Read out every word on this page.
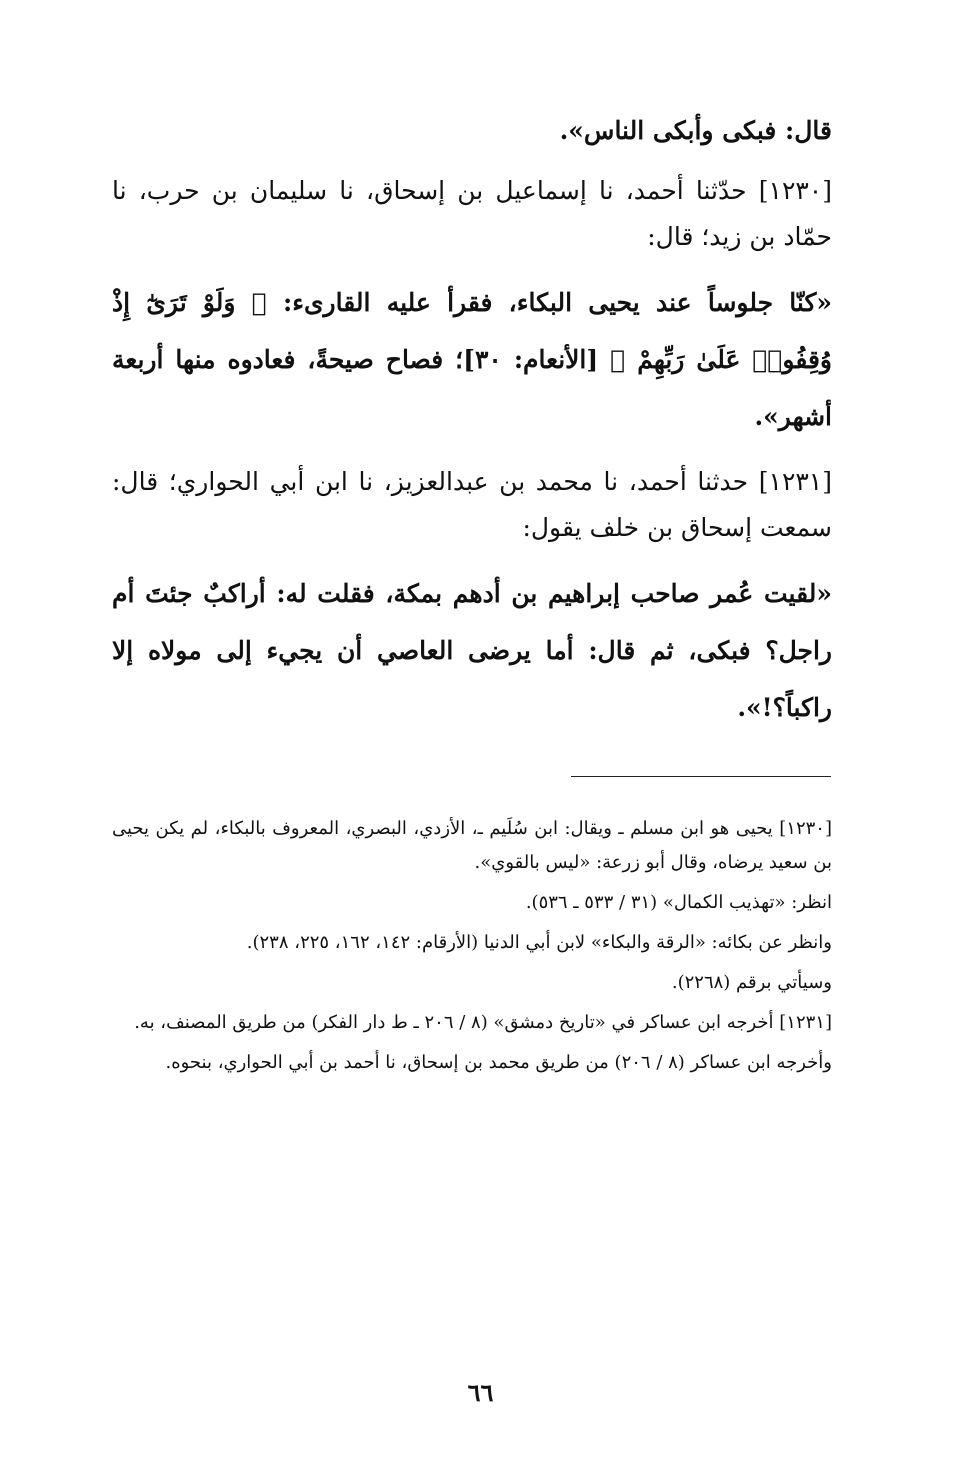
قال: فبكى وأبكى الناس».

[١٢٣٠] حدّثنا أحمد، نا إسماعيل بن إسحاق، نا سليمان بن حرب، نا حمّاد بن زيد؛ قال:

«كنّا جلوساً عند يحيى البكاء، فقرأ عليه القارىء: ﴿ وَلَوْ تَرَىٰٓ إِذْ وُقِفُوا۟ عَلَىٰ رَبِّهِمْ ﴾ [الأنعام: ٣٠]؛ فصاح صيحةً، فعادوه منها أربعة أشهر».

[١٢٣١] حدثنا أحمد، نا محمد بن عبدالعزيز، نا ابن أبي الحواري؛ قال: سمعت إسحاق بن خلف يقول:

«لقيت عُمر صاحب إبراهيم بن أدهم بمكة، فقلت له: أراكبٌ جئتَ أم راجل؟ فبكى، ثم قال: أما يرضى العاصي أن يجيء إلى مولاه إلا راكباً؟!».

[١٢٣٠] يحيى هو ابن مسلم ـ ويقال: ابن سُلَيم ـ، الأزدي، البصري، المعروف بالبكاء، لم يكن يحيى بن سعيد يرضاه، وقال أبو زرعة: «ليس بالقوي».

انظر: «تهذيب الكمال» (٣١ / ٥٣٣ ـ ٥٣٦).

وانظر عن بكائه: «الرقة والبكاء» لابن أبي الدنيا (الأرقام: ١٤٢، ١٦٢، ٢٢٥، ٢٣٨).

وسيأتي برقم (٢٢٦٨).

[١٢٣١] أخرجه ابن عساكر في «تاريخ دمشق» (٨ / ٢٠٦ ـ ط دار الفكر) من طريق المصنف، به.

وأخرجه ابن عساكر (٨ / ٢٠٦) من طريق محمد بن إسحاق، نا أحمد بن أبي الحواري، بنحوه.

٦٦
